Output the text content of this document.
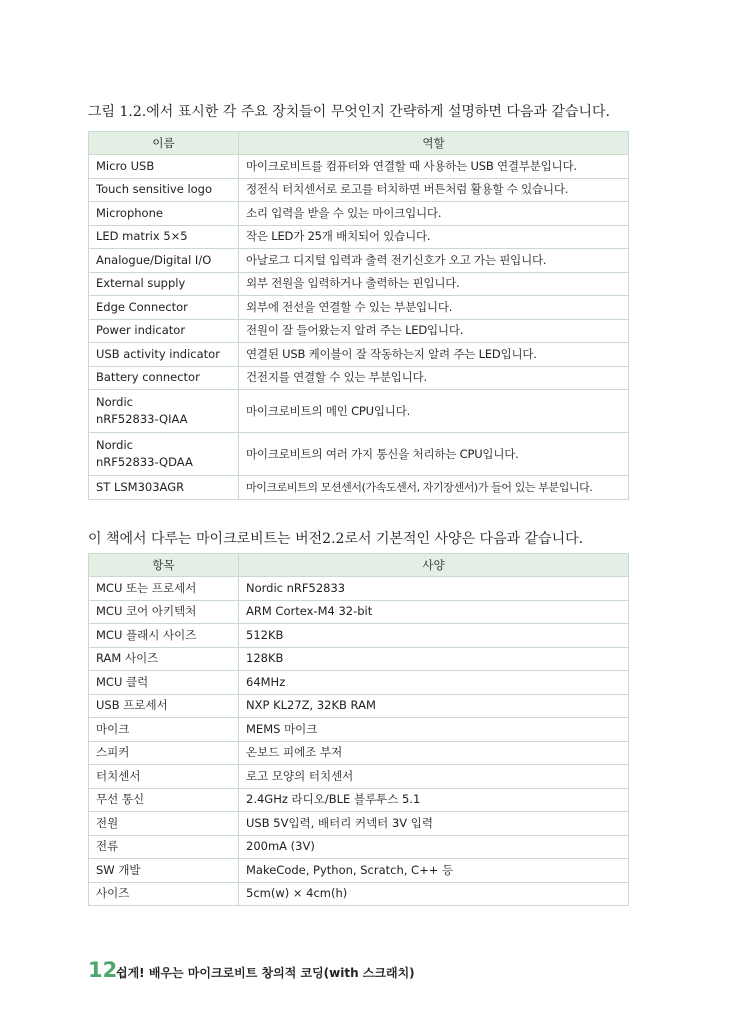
그림 1.2.에서 표시한 각 주요 장치들이 무엇인지 간략하게 설명하면 다음과 같습니다.

이름	역할
Micro USB	마이크로비트를 컴퓨터와 연결할 때 사용하는 USB 연결부분입니다.
Touch sensitive logo	정전식 터치센서로 로고를 터치하면 버튼처럼 활용할 수 있습니다.
Microphone	소리 입력을 받을 수 있는 마이크입니다.
LED matrix 5×5	작은 LED가 25개 배치되어 있습니다.
Analogue/Digital I/O	아날로그 디지털 입력과 출력 전기신호가 오고 가는 핀입니다.
External supply	외부 전원을 입력하거나 출력하는 핀입니다.
Edge Connector	외부에 전선을 연결할 수 있는 부분입니다.
Power indicator	전원이 잘 들어왔는지 알려 주는 LED입니다.
USB activity indicator	연결된 USB 케이블이 잘 작동하는지 알려 주는 LED입니다.
Battery connector	건전지를 연결할 수 있는 부분입니다.

Nordic
nRF52833-QIAA	마이크로비트의 메인 CPU입니다.

Nordic
nRF52833-QDAA	마이크로비트의 여러 가지 통신을 처리하는 CPU입니다.
ST LSM303AGR	마이크로비트의 모션센서(가속도센서, 자기장센서)가 들어 있는 부분입니다.

이 책에서 다루는 마이크로비트는 버전2.2로서 기본적인 사양은 다음과 같습니다.

항목	사양
MCU 또는 프로세서	Nordic nRF52833
MCU 코어 아키텍처	ARM Cortex-M4 32-bit
MCU 플래시 사이즈	512KB
RAM 사이즈	128KB
MCU 클럭	64MHz
USB 프로세서	NXP KL27Z, 32KB RAM
마이크	MEMS 마이크
스피커	온보드 피에조 부저
터치센서	로고 모양의 터치센서
무선 통신	2.4GHz 라디오/BLE 블루투스 5.1
전원	USB 5V입력, 배터리 커넥터 3V 입력
전류	200mA (3V)
SW 개발	MakeCode, Python, Scratch, C++ 등
사이즈	5cm(w) × 4cm(h)
12
쉽게! 배우는 마이크로비트 창의적 코딩(with 스크래치)
